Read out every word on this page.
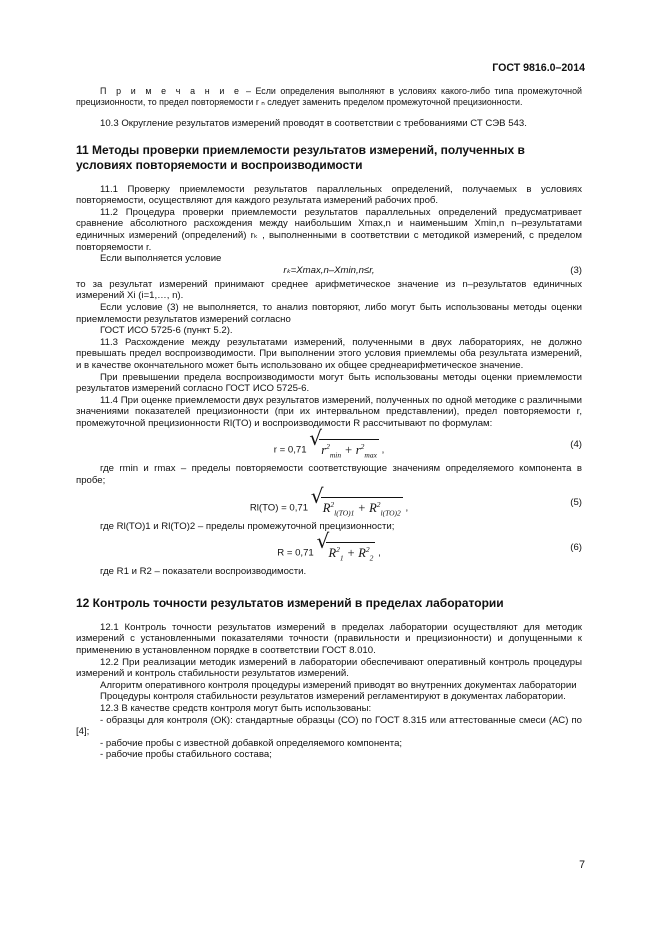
ГОСТ 9816.0–2014

П р и м е ч а н и е – Если определения выполняют в условиях какого-либо типа промежуточной прецизионности, то предел повторяемости r ₙ следует заменить пределом промежуточной прецизионности.

10.3 Округление результатов измерений проводят в соответствии с требованиями СТ СЭВ 543.

11 Методы проверки приемлемости результатов измерений, полученных в условиях повторяемости и воспроизводимости

11.1 Проверку приемлемости результатов параллельных определений, получаемых в условиях повторяемости, осуществляют для каждого результата измерений рабочих проб.

11.2 Процедура проверки приемлемости результатов параллельных определений предусматривает сравнение абсолютного расхождения между наибольшим Xmax,n и наименьшим Xmin,n n–результатами единичных измерений (определений) rₖ , выполненными в соответствии с методикой измерений, с пределом повторяемости r.

Если выполняется условие

rₖ=Xmax,n–Xmin,n≤r,	(3)

то за результат измерений принимают среднее арифметическое значение из n–результатов единичных измерений Xi (i=1,…, n).

Если условие (3) не выполняется, то анализ повторяют, либо могут быть использованы методы оценки приемлемости результатов измерений согласно

ГОСТ ИСО 5725-6 (пункт 5.2).

11.3 Расхождение между результатами измерений, полученными в двух лабораториях, не должно превышать предел воспроизводимости. При выполнении этого условия приемлемы оба результата измерений, и в качестве окончательного может быть использовано их общее среднеарифметическое значение.

При превышении предела воспроизводимости могут быть использованы методы оценки приемлемости результатов измерений согласно ГОСТ ИСО 5725-6.

11.4 При оценке приемлемости двух результатов измерений, полученных по одной методике с различными значениями показателей прецизионности (при их интервальном представлении), предел повторяемости r, промежуточной прецизионности Rl(TO) и воспроизводимости R рассчитывают по формулам:

r = 0,71
√
$r^2_{min} + r^2_{max}$ ,
(4)

где rmin и rmax – пределы повторяемости соответствующие значениям определяемого компонента в пробе;

Rl(TO) = 0,71
√
$R^2_{l(TO)1} + R^2_{l(TO)2}$ ,
(5)

где Rl(TO)1 и Rl(TO)2 – пределы промежуточной прецизионности;

R = 0,71
√
$R^2_1 + R^2_2$ ,
(6)

где R1 и R2 – показатели воспроизводимости.

12 Контроль точности результатов измерений в пределах лаборатории

12.1 Контроль точности результатов измерений в пределах лаборатории осуществляют для методик измерений с установленными показателями точности (правильности и прецизионности) и допущенными к применению в установленном порядке в соответствии ГОСТ 8.010.

12.2 При реализации методик измерений в лаборатории обеспечивают оперативный контроль процедуры измерений и контроль стабильности результатов измерений.

Алгоритм оперативного контроля процедуры измерений приводят во внутренних документах лаборатории

Процедуры контроля стабильности результатов измерений регламентируют в документах лаборатории.

12.3 В качестве средств контроля могут быть использованы:

- образцы для контроля (ОК): стандартные образцы (СО) по ГОСТ 8.315 или аттестованные смеси (АС) по [4];

- рабочие пробы с известной добавкой определяемого компонента;

- рабочие пробы стабильного состава;

7
